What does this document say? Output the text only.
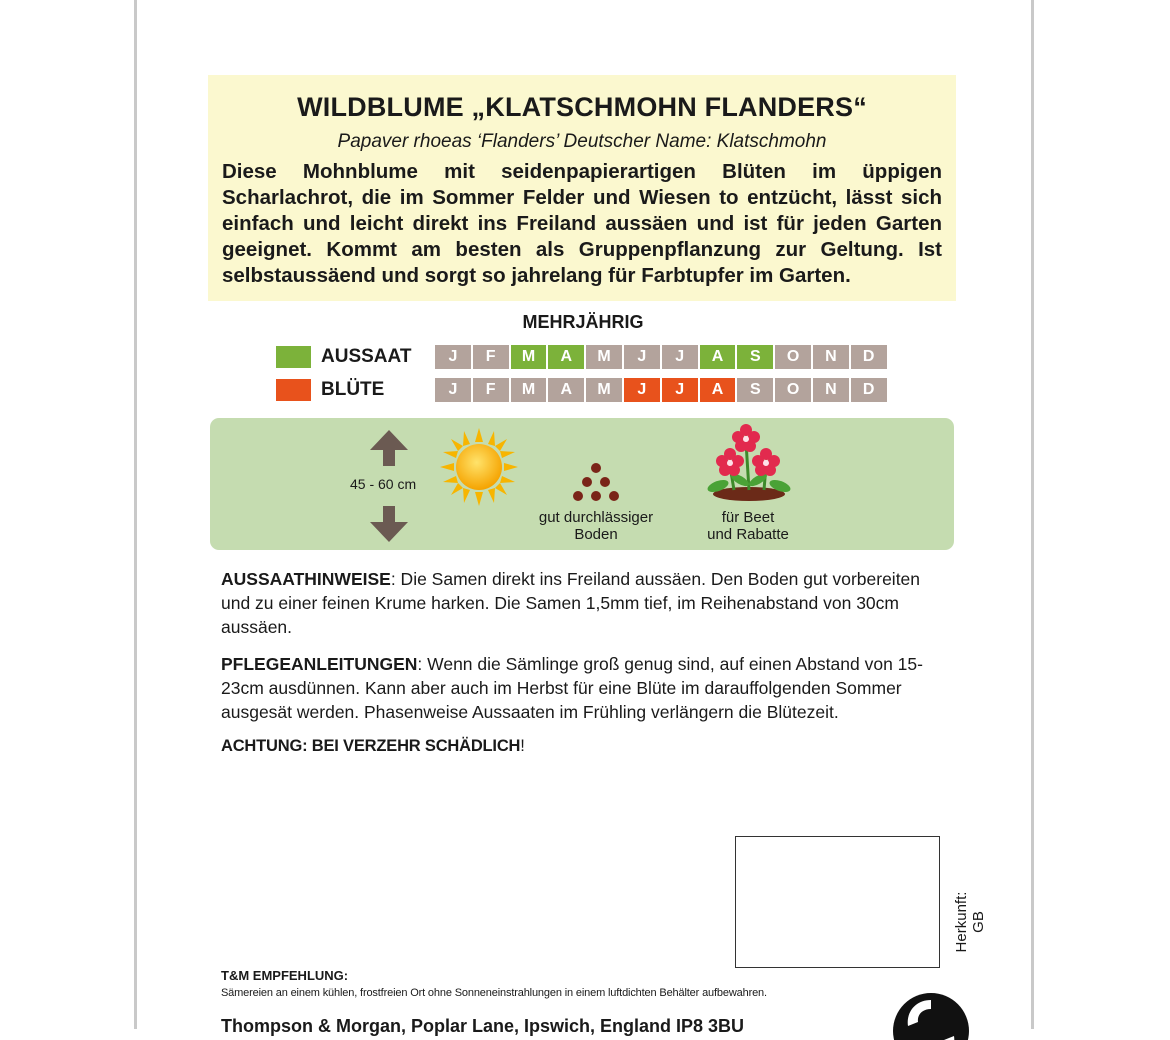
WILDBLUME „KLATSCHMOHN FLANDERS“
Papaver rhoeas ‘Flanders’ Deutscher Name: Klatschmohn
Diese Mohnblume mit seidenpapierartigen Blüten im üppigen Scharlachrot, die im Sommer Felder und Wiesen to entzücht, lässt sich einfach und leicht direkt ins Freiland aussäen und ist für jeden Garten geeignet. Kommt am besten als Gruppenpflanzung zur Geltung. Ist selbstaussäend und sorgt so jahrelang für Farbtupfer im Garten.
MEHRJÄHRIG
AUSSAAT	J	F	M	A	M	J	J	A	S	O	N	D
BLÜTE	J	F	M	A	M	J	J	A	S	O	N	D
45 - 60 cm
gut durchlässiger
Boden
für Beet
und Rabatte
AUSSAATHINWEISE: Die Samen direkt ins Freiland aussäen. Den Boden gut vorbereiten und zu einer feinen Krume harken. Die Samen 1,5mm tief, im Reihenabstand von 30cm aussäen.
PFLEGEANLEITUNGEN: Wenn die Sämlinge groß genug sind, auf einen Abstand von 15-23cm ausdünnen. Kann aber auch im Herbst für eine Blüte im darauffolgenden Sommer ausgesät werden. Phasenweise Aussaaten im Frühling verlängern die Blütezeit.
ACHTUNG: BEI VERZEHR SCHÄDLICH!
Herkunft: GB
T&M EMPFEHLUNG:
Sämereien an einem kühlen, frostfreien Ort ohne Sonneneinstrahlungen in einem luftdichten Behälter aufbewahren.
Thompson & Morgan, Poplar Lane, Ipswich, England IP8 3BU
